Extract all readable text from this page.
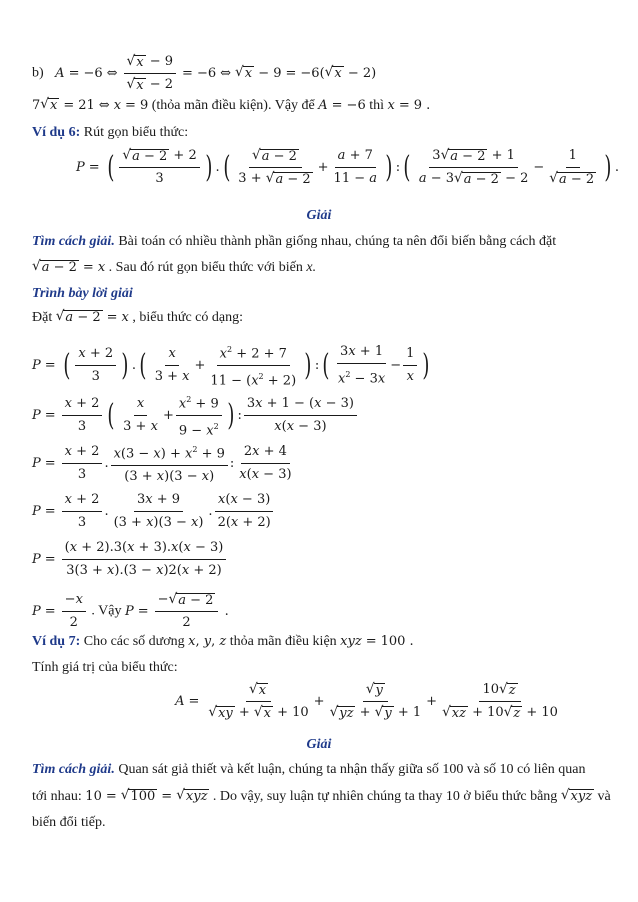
b) A = −6 ⇔ $\frac{√ x - 9}{√ x - 2} = -6$ ⇔ √ x − 9 = −6( √ x − 2)
7 √ x = 21 ⇔ x = 9 (thỏa mãn điều kiện). Vậy để A = −6 thì x = 9 .
Ví dụ 6: Rút gọn biểu thức:
P = ( √ a − 2 + 2
3 ) . ( √ a − 2
3 + √ a − 2
+
a + 7
11 − a ) : ( 3 √ a − 2 + 1
a − 3 √ a − 2 − 2
−
1
√ a − 2 ) .
Giải
Tìm cách giải. Bài toán có nhiều thành phần giống nhau, chúng ta nên đổi biến bằng cách đặt
√ a − 2 = x . Sau đó rút gọn biểu thức với biến x.
Trình bày lời giải
Đặt √ a − 2 = x , biểu thức có dạng:
P = ( x + 2
3 ) . ( x
3 + x
+
$x^2 + 2 + 7$
$11 - (x^2 + 2)$ ) : ( 3x + 1
$x^2 - 3x$
−
1
x )
$P = \frac{x + 2}{3}$ ( x
3 + x
+
$x^2 + 9$
$9 - x^2$ ) :
3x + 1 − (x − 3)
x(x − 3)
$P = \frac{x + 2}{3}$ .
$x(3 - x) + x^2 + 9$
(3 + x)(3 − x)
:
2x + 4
x(x − 3)
$P = \frac{x + 2}{3}$ .
3x + 9
(3 + x)(3 − x)
.
x(x − 3)
2(x + 2)
$P = \frac{(x + 2).3(x + 3).x(x - 3)}{3(3 + x).(3 - x)2(x + 2)}$
$P = \frac{-x}{2}$ . Vậy $P = \frac{- √ a - 2}{2}$ .
Ví dụ 7: Cho các số dương x , y , z thỏa mãn điều kiện xyz = 100 .
Tính giá trị của biểu thức:
$A = \frac{√ x}{√ xy + √ x + 10}$ +
√ y
√ yz + √ y + 1
+
10 √ z
√ xz + 10 √ z + 10
Giải
Tìm cách giải. Quan sát giả thiết và kết luận, chúng ta nhận thấy giữa số 100 và số 10 có liên quan
tới nhau: 10 = √ 100 = √ xyz . Do vậy, suy luận tự nhiên chúng ta thay 10 ở biểu thức bằng √ xyz và
biến đổi tiếp.
